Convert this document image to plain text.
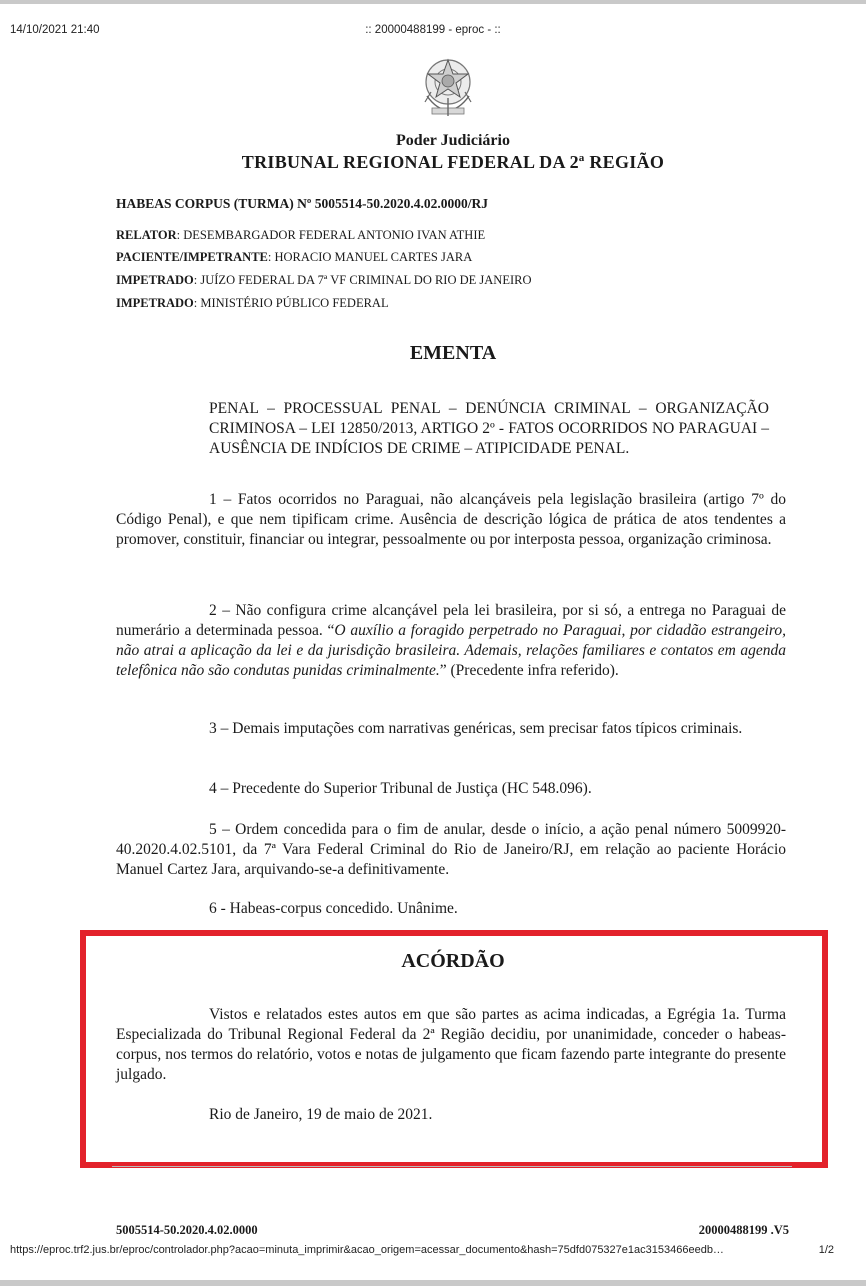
14/10/2021 21:40	:: 20000488199 - eproc - ::
Poder Judiciário
TRIBUNAL REGIONAL FEDERAL DA 2ª REGIÃO
HABEAS CORPUS (TURMA) Nº 5005514-50.2020.4.02.0000/RJ
RELATOR: DESEMBARGADOR FEDERAL ANTONIO IVAN ATHIE
PACIENTE/IMPETRANTE: HORACIO MANUEL CARTES JARA
IMPETRADO: JUÍZO FEDERAL DA 7ª VF CRIMINAL DO RIO DE JANEIRO
IMPETRADO: MINISTÉRIO PÚBLICO FEDERAL
EMENTA
PENAL – PROCESSUAL PENAL – DENÚNCIA CRIMINAL – ORGANIZAÇÃO CRIMINOSA – LEI 12850/2013, ARTIGO 2º - FATOS OCORRIDOS NO PARAGUAI – AUSÊNCIA DE INDÍCIOS DE CRIME – ATIPICIDADE PENAL.
1 – Fatos ocorridos no Paraguai, não alcançáveis pela legislação brasileira (artigo 7º do Código Penal), e que nem tipificam crime. Ausência de descrição lógica de prática de atos tendentes a promover, constituir, financiar ou integrar, pessoalmente ou por interposta pessoa, organização criminosa.
2 – Não configura crime alcançável pela lei brasileira, por si só, a entrega no Paraguai de numerário a determinada pessoa. “O auxílio a foragido perpetrado no Paraguai, por cidadão estrangeiro, não atrai a aplicação da lei e da jurisdição brasileira. Ademais, relações familiares e contatos em agenda telefônica não são condutas punidas criminalmente.” (Precedente infra referido).
3 – Demais imputações com narrativas genéricas, sem precisar fatos típicos criminais.
4 – Precedente do Superior Tribunal de Justiça (HC 548.096).
5 – Ordem concedida para o fim de anular, desde o início, a ação penal número 5009920-40.2020.4.02.5101, da 7ª Vara Federal Criminal do Rio de Janeiro/RJ, em relação ao paciente Horácio Manuel Cartez Jara, arquivando-se-a definitivamente.
6 - Habeas-corpus concedido. Unânime.
ACÓRDÃO
Vistos e relatados estes autos em que são partes as acima indicadas, a Egrégia 1a. Turma Especializada do Tribunal Regional Federal da 2ª Região decidiu, por unanimidade, conceder o habeas-corpus, nos termos do relatório, votos e notas de julgamento que ficam fazendo parte integrante do presente julgado.
Rio de Janeiro, 19 de maio de 2021.
5005514-50.2020.4.02.0000	20000488199 .V5
https://eproc.trf2.jus.br/eproc/controlador.php?acao=minuta_imprimir&acao_origem=acessar_documento&hash=75dfd075327e1ac3153466eedb…	1/2
